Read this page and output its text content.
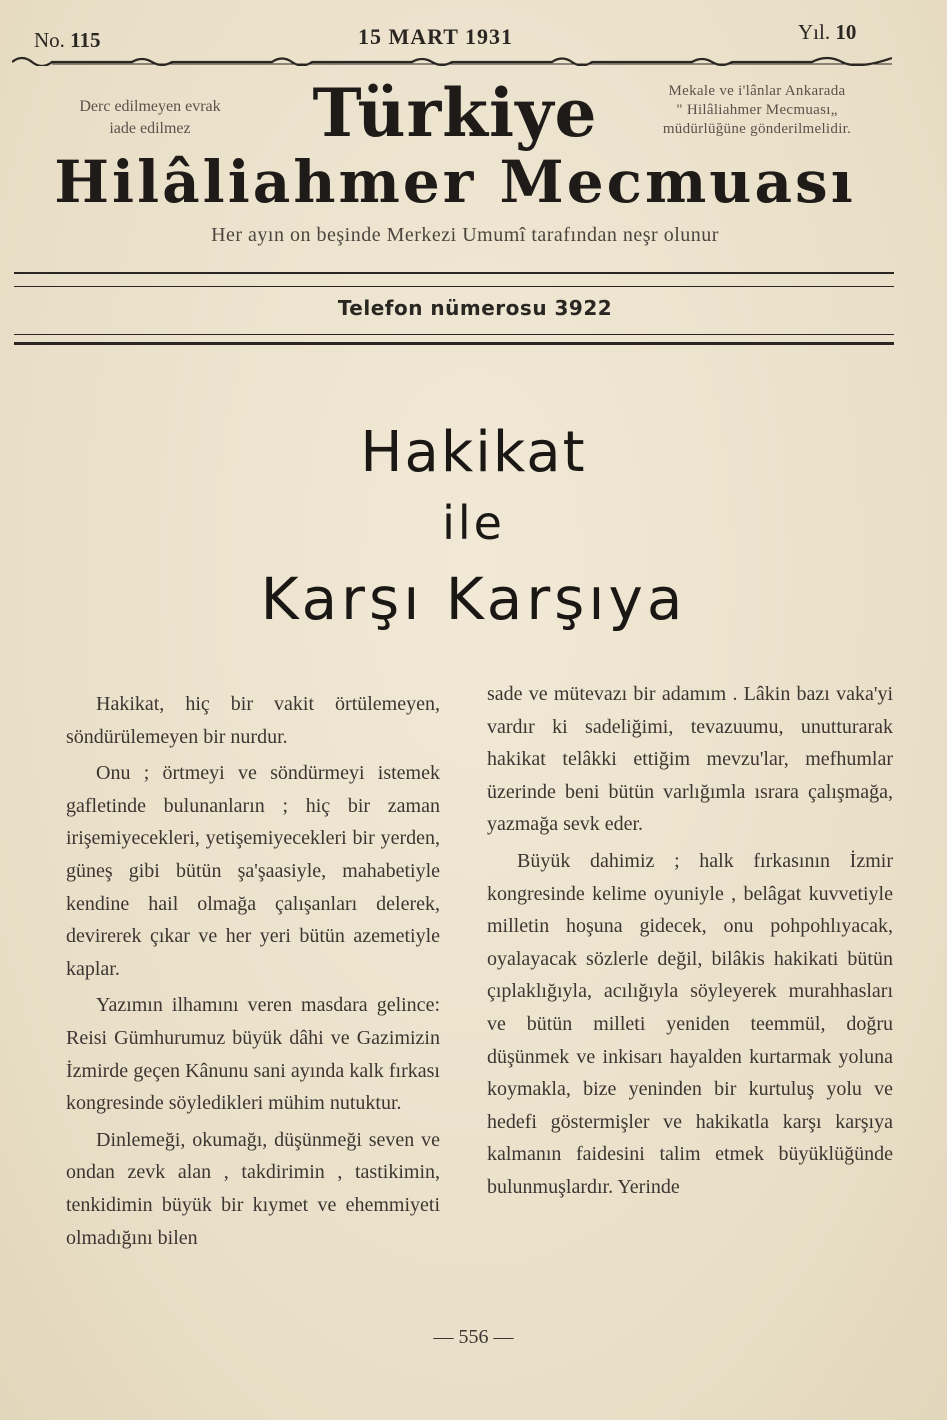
No. 115	15 MART 1931	Yıl. 10
Derc edilmeyen evrak
iade edilmez	Türkiye	Mekale ve i'lânlar Ankarada
" Hilâliahmer Mecmuası„
müdürlüğüne gönderilmelidir.
Hilâliahmer Mecmuası
Her ayın on beşinde Merkezi Umumî tarafından neşr olunur
Telefon nümerosu 3922
Hakikat
ile
Karşı Karşıya

Hakikat, hiç bir vakit örtülemeyen, söndürülemeyen bir nurdur.

Onu ; örtmeyi ve söndürmeyi istemek gafletinde bulunanların ; hiç bir zaman irişemiyecekleri, yetişemiyecekleri bir yerden, güneş gibi bütün şa'şaasiyle, mahabetiyle kendine hail olmağa çalışanları delerek, devirerek çıkar ve her yeri bütün azemetiyle kaplar.

Yazımın ilhamını veren masdara gelince: Reisi Gümhurumuz büyük dâhi ve Gazimizin İzmirde geçen Kânunu sani ayında kalk fırkası kongresinde söyledikleri mühim nutuktur.

Dinlemeği, okumağı, düşünmeği seven ve ondan zevk alan , takdirimin , tastikimin, tenkidimin büyük bir kıymet ve ehemmiyeti olmadığını bilen

sade ve mütevazı bir adamım . Lâkin bazı vaka'yi vardır ki sadeliğimi, tevazuumu, unutturarak hakikat telâkki ettiğim mevzu'lar, mefhumlar üzerinde beni bütün varlığımla ısrara çalışmağa, yazmağa sevk eder.

Büyük dahimiz ; halk fırkasının İzmir kongresinde kelime oyuniyle , belâgat kuvvetiyle milletin hoşuna gidecek, onu pohpohlıyacak, oyalayacak sözlerle değil, bilâkis hakikati bütün çıplaklığıyla, acılığıyla söyleyerek murahhasları ve bütün milleti yeniden teemmül, doğru düşünmek ve inkisarı hayalden kurtarmak yoluna koymakla, bize yeninden bir kurtuluş yolu ve hedefi göstermişler ve hakikatla karşı karşıya kalmanın faidesini talim etmek büyüklüğünde bulunmuşlardır. Yerinde

— 556 —
